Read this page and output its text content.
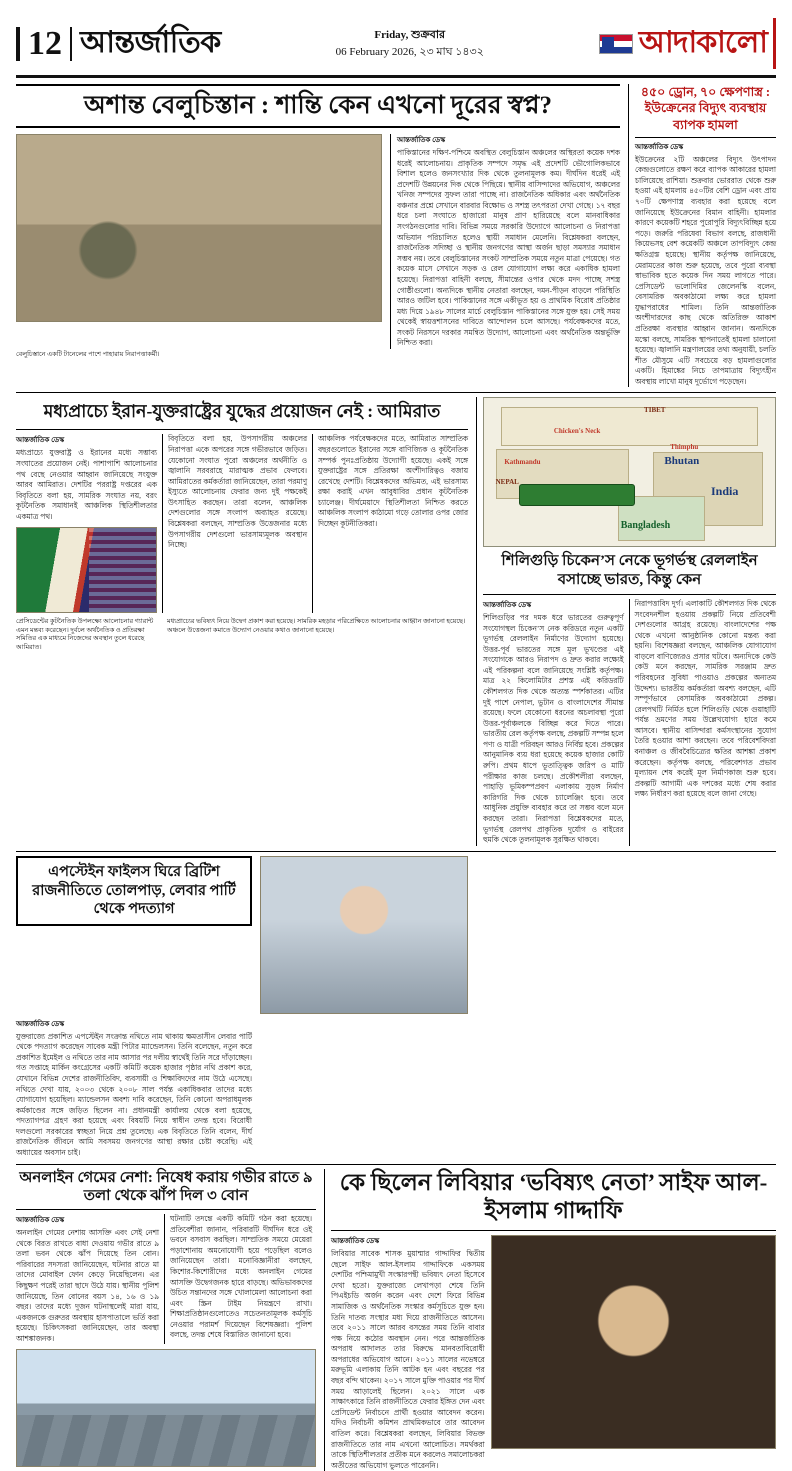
12 আন্তর্জাতিক	Friday, শুক্রবার
06 February 2026, ২৩ মাঘ ১৪৩২	আদাকালো
অশান্ত বেলুচিস্তান : শান্তি কেন এখনো দূরের স্বপ্ন?
আন্তর্জাতিক ডেস্ক
পাকিস্তানের দক্ষিণ-পশ্চিমে অবস্থিত বেলুচিস্তান অঞ্চলের অস্থিরতা কয়েক দশক ধরেই আলোচনায়। প্রাকৃতিক সম্পদে সমৃদ্ধ এই প্রদেশটি ভৌগোলিকভাবে বিশাল হলেও জনসংখ্যার দিক থেকে তুলনামূলক কম। দীর্ঘদিন ধরেই এই প্রদেশটি উন্নয়নের দিক থেকে পিছিয়ে। স্থানীয় বাসিন্দাদের অভিযোগ, অঞ্চলের খনিজ সম্পদের সুফল তারা পাচ্ছে না। রাজনৈতিক অধিকার এবং অর্থনৈতিক বঞ্চনার প্রশ্নে সেখানে বারবার বিক্ষোভ ও সশস্ত্র তৎপরতা দেখা গেছে। ১৭ বছর ধরে চলা সংঘাতে হাজারো মানুষ প্রাণ হারিয়েছে বলে মানবাধিকার সংগঠনগুলোর দাবি। বিভিন্ন সময়ে সরকারি উদ্যোগে আলোচনা ও নিরাপত্তা অভিযান পরিচালিত হলেও স্থায়ী সমাধান মেলেনি। বিশ্লেষকরা বলছেন, রাজনৈতিক সদিচ্ছা ও স্থানীয় জনগণের আস্থা অর্জন ছাড়া সমস্যার সমাধান সম্ভব নয়। তবে বেলুচিস্তানের সংকট সাম্প্রতিক সময়ে নতুন মাত্রা পেয়েছে। গত কয়েক মাসে সেখানে সড়ক ও রেল যোগাযোগ লক্ষ্য করে একাধিক হামলা হয়েছে। নিরাপত্তা বাহিনী বলছে, সীমান্তের ওপার থেকে মদদ পাচ্ছে সশস্ত্র গোষ্ঠীগুলো। অন্যদিকে স্থানীয় নেতারা বলছেন, দমন-পীড়ন বাড়লে পরিস্থিতি আরও জটিল হবে। পাকিস্তানের সঙ্গে একীভূত হয় ও প্রাথমিক বিরোধ প্রতিষ্ঠার মধ্য দিয়ে ১৯৪৮ সালের মার্চে বেলুচিস্তান পাকিস্তানের সঙ্গে যুক্ত হয়। সেই সময় থেকেই স্বায়ত্তশাসনের দাবিতে আন্দোলন চলে আসছে। পর্যবেক্ষকদের মতে, সংকট নিরসনে দরকার সমন্বিত উদ্যোগ, আলোচনা এবং অর্থনৈতিক অন্তর্ভুক্তি নিশ্চিত করা।
বেলুচিস্তানে একটি টানেলের পাশে পাহারায় নিরাপত্তাকর্মী।
৪৫০ ড্রোন, ৭০ ক্ষেপণাস্ত্র : ইউক্রেনের বিদ্যুৎ ব্যবস্থায় ব্যাপক হামলা
আন্তর্জাতিক ডেস্ক
ইউক্রেনের ২টি অঞ্চলের বিদ্যুৎ উৎপাদন কেন্দ্রগুলোতে রক্ষণ করে ব্যাপক আকারের হামলা চালিয়েছে রাশিয়া। শুক্রবার ভোররাত থেকে শুরু হওয়া এই হামলায় ৪৫০টির বেশি ড্রোন এবং প্রায় ৭০টি ক্ষেপণাস্ত্র ব্যবহার করা হয়েছে বলে জানিয়েছে ইউক্রেনের বিমান বাহিনী। হামলার কারণে কয়েকটি শহরে পুরোপুরি বিদ্যুৎবিচ্ছিন্ন হয়ে পড়ে। জরুরি পরিষেবা বিভাগ বলছে, রাজধানী কিয়েভসহ বেশ কয়েকটি অঞ্চলে তাপবিদ্যুৎ কেন্দ্র ক্ষতিগ্রস্ত হয়েছে। স্থানীয় কর্তৃপক্ষ জানিয়েছে, মেরামতের কাজ শুরু হয়েছে, তবে পুরো ব্যবস্থা স্বাভাবিক হতে কয়েক দিন সময় লাগতে পারে। প্রেসিডেন্ট ভলোদিমির জেলেনস্কি বলেন, বেসামরিক অবকাঠামো লক্ষ্য করে হামলা যুদ্ধাপরাধের শামিল। তিনি আন্তর্জাতিক অংশীদারদের কাছ থেকে অতিরিক্ত আকাশ প্রতিরক্ষা ব্যবস্থার আহ্বান জানান। অন্যদিকে মস্কো বলছে, সামরিক স্থাপনাতেই হামলা চালানো হয়েছে। জ্বালানি মন্ত্রণালয়ের তথ্য অনুযায়ী, চলতি শীত মৌসুমে এটি সবচেয়ে বড় হামলাগুলোর একটি। হিমাঙ্কের নিচে তাপমাত্রায় বিদ্যুৎহীন অবস্থায় লাখো মানুষ দুর্ভোগে পড়েছেন।
মধ্যপ্রাচ্যে ইরান-যুক্তরাষ্ট্রের যুদ্ধের প্রয়োজন নেই : আমিরাত
আন্তর্জাতিক ডেস্ক
মধ্যপ্রাচ্যে যুক্তরাষ্ট্র ও ইরানের মধ্যে সম্ভাব্য সংঘাতের প্রয়োজন নেই। পাশাপাশি আলোচনার পথ বেছে নেওয়ার আহ্বান জানিয়েছে সংযুক্ত আরব আমিরাত। দেশটির পররাষ্ট্র দপ্তরের এক বিবৃতিতে বলা হয়, সামরিক সংঘাত নয়, বরং কূটনৈতিক সমাধানই আঞ্চলিক স্থিতিশীলতার একমাত্র পথ।
বিবৃতিতে বলা হয়, উপসাগরীয় অঞ্চলের নিরাপত্তা একে অপরের সঙ্গে গভীরভাবে জড়িত। যেকোনো সংঘাত পুরো অঞ্চলের অর্থনীতি ও জ্বালানি সরবরাহে মারাত্মক প্রভাব ফেলবে। আমিরাতের কর্মকর্তারা জানিয়েছেন, তারা পরমাণু ইস্যুতে আলোচনায় ফেরার জন্য দুই পক্ষকেই উৎসাহিত করছেন। তারা বলেন, আঞ্চলিক দেশগুলোর সঙ্গে সংলাপ অব্যাহত রয়েছে। বিশ্লেষকরা বলছেন, সাম্প্রতিক উত্তেজনার মধ্যে উপসাগরীয় দেশগুলো ভারসাম্যমূলক অবস্থান নিচ্ছে।
আঞ্চলিক পর্যবেক্ষকদের মতে, আমিরাত সাম্প্রতিক বছরগুলোতে ইরানের সঙ্গে বাণিজ্যিক ও কূটনৈতিক সম্পর্ক পুনঃপ্রতিষ্ঠায় উদ্যোগী হয়েছে। একই সঙ্গে যুক্তরাষ্ট্রের সঙ্গে প্রতিরক্ষা অংশীদারিত্বও বজায় রেখেছে দেশটি। বিশ্লেষকদের অভিমত, এই ভারসাম্য রক্ষা করাই এখন আবুধাবির প্রধান কূটনৈতিক চ্যালেঞ্জ। দীর্ঘমেয়াদে স্থিতিশীলতা নিশ্চিত করতে আঞ্চলিক সংলাপ কাঠামো গড়ে তোলার ওপর জোর দিচ্ছেন কূটনীতিকরা।
প্রেসিডেন্টের কুটনৈতিক উপলক্ষ্যে আলোচনার গ্যারান্ট এমন মন্তব্য করেছেন। দুর্বলে অর্থনৈতিক ও প্রতিরক্ষা সমিতির এক মাধ্যমে নিজেদের অবস্থান তুলে ধরেছে আমিরাত।
মধ্যপ্রাচ্যের ভবিষ্যৎ নিয়ে উদ্বেগ প্রকাশ করা হয়েছে। সামরিক মহড়ার পরিপ্রেক্ষিতে আলোচনার আহ্বান জানানো হয়েছে। অঞ্চলে উত্তেজনা কমাতে উদ্যোগ নেওয়ার কথাও জানানো হয়েছে।
TIBET
Chicken's Neck
Kathmandu
Thimphu
Bhutan
India
Bangladesh
NEPAL
শিলিগুড়ি চিকেন’স নেকে ভূগর্ভস্থ রেললাইন বসাচ্ছে ভারত, কিন্তু কেন
আন্তর্জাতিক ডেস্ক
শিলিগুড়ির পর দমক ধরে ভারতের গুরুত্বপূর্ণ সংযোগস্থল চিকেন’স নেক করিডরে নতুন একটি ভূগর্ভস্থ রেললাইন নির্মাণের উদ্যোগ হয়েছে। উত্তর-পূর্ব ভারতের সঙ্গে মূল ভূখণ্ডের এই সংযোগকে আরও নিরাপদ ও দ্রুত করার লক্ষ্যেই এই পরিকল্পনা বলে জানিয়েছে সংশ্লিষ্ট কর্তৃপক্ষ। মাত্র ২২ কিলোমিটার প্রশস্ত এই করিডরটি কৌশলগত দিক থেকে অত্যন্ত স্পর্শকাতর। এটির দুই পাশে নেপাল, ভুটান ও বাংলাদেশের সীমান্ত রয়েছে। ফলে যেকোনো ধরনের অচলাবস্থা পুরো উত্তর-পূর্বাঞ্চলকে বিচ্ছিন্ন করে দিতে পারে। ভারতীয় রেল কর্তৃপক্ষ বলছে, প্রকল্পটি সম্পন্ন হলে পণ্য ও যাত্রী পরিবহন আরও নির্বিঘ্ন হবে। প্রকল্পের আনুমানিক ব্যয় ধরা হয়েছে কয়েক হাজার কোটি রুপি। প্রথম ধাপে ভূতাত্ত্বিক জরিপ ও মাটি পরীক্ষার কাজ চলছে। প্রকৌশলীরা বলছেন, পাহাড়ি ভূমিকম্পপ্রবণ এলাকায় সুড়ঙ্গ নির্মাণ কারিগরি দিক থেকে চ্যালেঞ্জিং হবে। তবে আধুনিক প্রযুক্তি ব্যবহার করে তা সম্ভব বলে মনে করছেন তারা। নিরাপত্তা বিশ্লেষকদের মতে, ভূগর্ভস্থ রেলপথ প্রাকৃতিক দুর্যোগ ও বাইরের হুমকি থেকে তুলনামূলক সুরক্ষিত থাকবে।
নিরাপত্তাবিদ দুর্গ। এলাকাটি কৌশলগত দিক থেকে সংবেদনশীল হওয়ায় প্রকল্পটি নিয়ে প্রতিবেশী দেশগুলোর আগ্রহ রয়েছে। বাংলাদেশের পক্ষ থেকে এখনো আনুষ্ঠানিক কোনো মন্তব্য করা হয়নি। বিশেষজ্ঞরা বলছেন, আঞ্চলিক যোগাযোগ বাড়লে বাণিজ্যেরও প্রসার ঘটবে। অন্যদিকে কেউ কেউ মনে করছেন, সামরিক সরঞ্জাম দ্রুত পরিবহনের সুবিধা পাওয়াও প্রকল্পের অন্যতম উদ্দেশ্য। ভারতীয় কর্মকর্তারা অবশ্য বলছেন, এটি সম্পূর্ণভাবে বেসামরিক অবকাঠামো প্রকল্প। রেলপথটি নির্মিত হলে শিলিগুড়ি থেকে গুয়াহাটি পর্যন্ত ভ্রমণের সময় উল্লেখযোগ্য হারে কমে আসবে। স্থানীয় বাসিন্দারা কর্মসংস্থানের সুযোগ তৈরি হওয়ার আশা করছেন। তবে পরিবেশবিদরা বনাঞ্চল ও জীববৈচিত্র্যের ক্ষতির আশঙ্কা প্রকাশ করেছেন। কর্তৃপক্ষ বলছে, পরিবেশগত প্রভাব মূল্যায়ন শেষ করেই মূল নির্মাণকাজ শুরু হবে। প্রকল্পটি আগামী এক দশকের মধ্যে শেষ করার লক্ষ্য নির্ধারণ করা হয়েছে বলে জানা গেছে।
এপস্টেইন ফাইলস ঘিরে ব্রিটিশ রাজনীতিতে তোলপাড়, লেবার পার্টি থেকে পদত্যাগ
আন্তর্জাতিক ডেস্ক
যুক্তরাজ্যে প্রকাশিত এপস্টেইন সংক্রান্ত নথিতে নাম থাকায় ক্ষমতাসীন লেবার পার্টি থেকে পদত্যাগ করেছেন সাবেক মন্ত্রী পিটার ম্যান্ডেলসন। তিনি বলেছেন, নতুন করে প্রকাশিত ইমেইল ও নথিতে তার নাম আসার পর দলীয় স্বার্থেই তিনি সরে দাঁড়াচ্ছেন। গত সপ্তাহে মার্কিন কংগ্রেসের একটি কমিটি কয়েক হাজার পৃষ্ঠার নথি প্রকাশ করে, যেখানে বিভিন্ন দেশের রাজনীতিবিদ, ব্যবসায়ী ও শিক্ষাবিদদের নাম উঠে এসেছে। নথিতে দেখা যায়, ২০০৩ থেকে ২০০৮ সাল পর্যন্ত একাধিকবার তাদের মধ্যে যোগাযোগ হয়েছিল। ম্যান্ডেলসন অবশ্য দাবি করেছেন, তিনি কোনো অপরাধমূলক কর্মকাণ্ডের সঙ্গে জড়িত ছিলেন না। প্রধানমন্ত্রী কার্যালয় থেকে বলা হয়েছে, পদত্যাগপত্র গ্রহণ করা হয়েছে এবং বিষয়টি নিয়ে স্বাধীন তদন্ত হবে। বিরোধী দলগুলো সরকারের স্বচ্ছতা নিয়ে প্রশ্ন তুলেছে। এক বিবৃতিতে তিনি বলেন, দীর্ঘ রাজনৈতিক জীবনে আমি সবসময় জনগণের আস্থা রক্ষার চেষ্টা করেছি। এই অধ্যায়ের অবসান চাই।
অনলাইন গেমের নেশা: নিষেধ করায় গভীর রাতে ৯ তলা থেকে ঝাঁপ দিল ৩ বোন
আন্তর্জাতিক ডেস্ক
অনলাইন গেমের নেশায় আসক্তি এবং সেই নেশা থেকে বিরত রাখতে বাধা দেওয়ায় গভীর রাতে ৯ তলা ভবন থেকে ঝাঁপ দিয়েছে তিন বোন। পরিবারের সদস্যরা জানিয়েছেন, ঘটনার রাতে মা তাদের মোবাইল ফোন কেড়ে নিয়েছিলেন। এর কিছুক্ষণ পরেই তারা ছাদে উঠে যায়। স্থানীয় পুলিশ জানিয়েছে, তিন বোনের বয়স ১৪, ১৬ ও ১৯ বছর। তাদের মধ্যে দুজন ঘটনাস্থলেই মারা যায়, একজনকে গুরুতর অবস্থায় হাসপাতালে ভর্তি করা হয়েছে। চিকিৎসকরা জানিয়েছেন, তার অবস্থা আশঙ্কাজনক।
ঘটনাটি তদন্তে একটি কমিটি গঠন করা হয়েছে। প্রতিবেশীরা জানান, পরিবারটি দীর্ঘদিন ধরে ওই ভবনে বসবাস করছিল। সাম্প্রতিক সময়ে মেয়েরা পড়াশোনায় অমনোযোগী হয়ে পড়েছিল বলেও জানিয়েছেন তারা। মনোবিজ্ঞানীরা বলছেন, কিশোর-কিশোরীদের মধ্যে অনলাইন গেমের আসক্তি উদ্বেগজনক হারে বাড়ছে। অভিভাবকদের উচিত সন্তানদের সঙ্গে খোলামেলা আলোচনা করা এবং স্ক্রিন টাইম নিয়ন্ত্রণে রাখা। শিক্ষাপ্রতিষ্ঠানগুলোতেও সচেতনতামূলক কর্মসূচি নেওয়ার পরামর্শ দিয়েছেন বিশেষজ্ঞরা। পুলিশ বলছে, তদন্ত শেষে বিস্তারিত জানানো হবে।
কে ছিলেন লিবিয়ার ‘ভবিষ্যৎ নেতা’ সাইফ আল-ইসলাম গাদ্দাফি
আন্তর্জাতিক ডেস্ক
লিবিয়ার সাবেক শাসক মুয়াম্মার গাদ্দাফির দ্বিতীয় ছেলে সাইফ আল-ইসলাম গাদ্দাফিকে একসময় দেশটির পশ্চিমামুখী সংস্কারপন্থী ভবিষ্যৎ নেতা হিসেবে দেখা হতো। যুক্তরাজ্যে লেখাপড়া শেষে তিনি পিএইচডি অর্জন করেন এবং দেশে ফিরে বিভিন্ন সামাজিক ও অর্থনৈতিক সংস্কার কর্মসূচিতে যুক্ত হন। তিনি দাতব্য সংস্থার মধ্য দিয়ে রাজনীতিতে আসেন। তবে ২০১১ সালে আরব বসন্তের সময় তিনি বাবার পক্ষ নিয়ে কঠোর অবস্থান নেন। পরে আন্তর্জাতিক অপরাধ আদালত তার বিরুদ্ধে মানবতাবিরোধী অপরাধের অভিযোগ আনে। ২০১১ সালের নভেম্বরে মরুভূমি এলাকায় তিনি আটক হন এবং বছরের পর বছর বন্দি থাকেন। ২০১৭ সালে মুক্তি পাওয়ার পর দীর্ঘ সময় আড়ালেই ছিলেন। ২০২১ সালে এক সাক্ষাৎকারে তিনি রাজনীতিতে ফেরার ইঙ্গিত দেন এবং প্রেসিডেন্ট নির্বাচনে প্রার্থী হওয়ার আবেদন করেন। যদিও নির্বাচনী কমিশন প্রাথমিকভাবে তার আবেদন বাতিল করে। বিশ্লেষকরা বলছেন, লিবিয়ার বিভক্ত রাজনীতিতে তার নাম এখনো আলোচিত। সমর্থকরা তাকে স্থিতিশীলতার প্রতীক মনে করলেও সমালোচকরা অতীতের অভিযোগ ভুলতে পারেননি।
